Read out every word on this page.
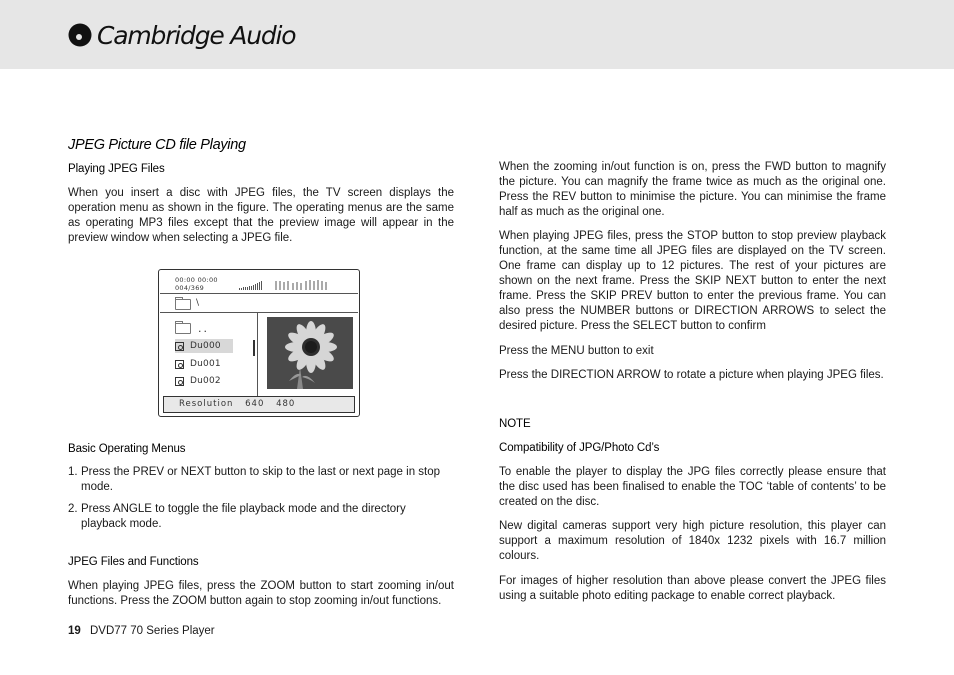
Cambridge Audio
JPEG Picture CD file Playing
Playing JPEG Files

When you insert a disc with JPEG files, the TV screen displays the operation menu as shown in the figure. The operating menus are the same as operating MP3 files except that the preview image will appear in the preview window when selecting a JPEG file.

Basic Operating Menus
1. Press the PREV or NEXT button to skip to the last or next page in stop mode.
2. Press ANGLE to toggle the file playback mode and the directory playback mode.
JPEG Files and Functions

When playing JPEG files, press the ZOOM button to start zooming in/out functions. Press the ZOOM button again to stop zooming in/out functions.

00:00 00:00
004/369
\
..
Du000
Du001
Du002
Resolution 640 480

When the zooming in/out function is on, press the FWD button to magnify the picture. You can magnify the frame twice as much as the original one. Press the REV button to minimise the picture. You can minimise the frame half as much as the original one.

When playing JPEG files, press the STOP button to stop preview playback function, at the same time all JPEG files are displayed on the TV screen. One frame can display up to 12 pictures. The rest of your pictures are shown on the next frame. Press the SKIP NEXT button to enter the next frame. Press the SKIP PREV button to enter the previous frame. You can also press the NUMBER buttons or DIRECTION ARROWS to select the desired picture. Press the SELECT button to confirm

Press the MENU button to exit

Press the DIRECTION ARROW to rotate a picture when playing JPEG files.

NOTE
Compatibility of JPG/Photo Cd’s

To enable the player to display the JPG files correctly please ensure that the disc used has been finalised to enable the TOC ‘table of contents’ to be created on the disc.

New digital cameras support very high picture resolution, this player can support a maximum resolution of 1840x 1232 pixels with 16.7 million colours.

For images of higher resolution than above please convert the JPEG files using a suitable photo editing package to enable correct playback.

19 DVD77 70 Series Player
